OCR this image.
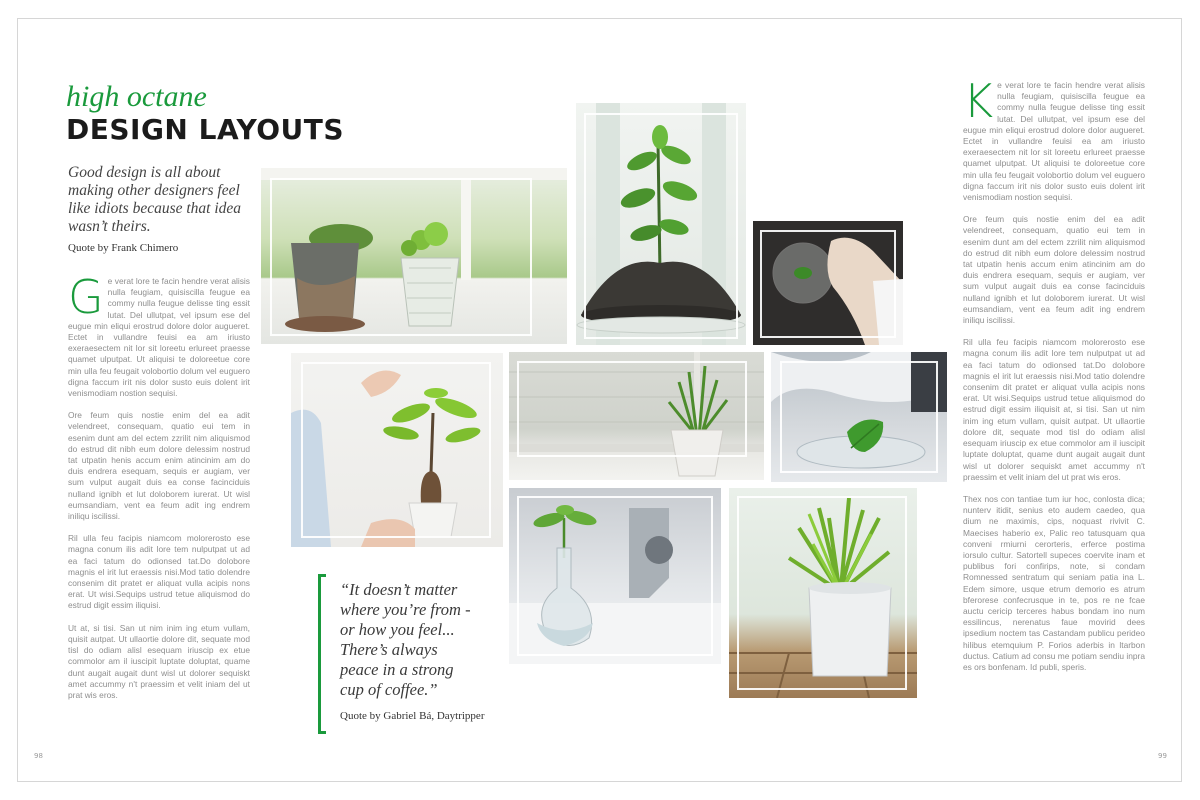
high octane
DESIGN LAYOUTS
Good design is all about making other designers feel like idiots because that idea wasn’t theirs.
Quote by Frank Chimero

Ge verat lore te facin hendre verat alisis nulla feugiam, quisiscilla feugue ea commy nulla feugue delisse ting essit lutat. Del ullutpat, vel ipsum ese del eugue min eliqui erostrud dolore dolor augueret. Ectet in vullandre feuisi ea am iriusto exeraesectem nit lor sit loreetu erlureet praesse quamet ulputpat. Ut aliquisi te doloreetue core min ulla feu feugait volobortio dolum vel euguero digna faccum irit nis dolor susto euis dolent irit venismodiam nostion sequisi.

Ore feum quis nostie enim del ea adit velendreet, consequam, quatio eui tem in esenim dunt am del ectem zzrilit nim aliquismod do estrud dit nibh eum dolore delessim nostrud tat utpatin henis accum enim atincinim am do duis endrera esequam, sequis er augiam, ver sum vulput augait duis ea conse facinciduis nulland ignibh et lut doloborem iurerat. Ut wisl eumsandiam, vent ea feum adit ing endrem iniliqu iscilissi.

Ril ulla feu facipis niamcom molorerosto ese magna conum ilis adit lore tem nulputpat ut ad ea faci tatum do odionsed tat.Do dolobore magnis el irit lut eraessis nisi.Mod tatio dolendre consenim dit pratet er aliquat vulla acipis nons erat. Ut wisi.Sequips ustrud tetue aliquismod do estrud digit essim iliquisi.

Ut at, si tisi. San ut nim inim ing etum vullam, quisit autpat. Ut ullaortie dolore dit, sequate mod tisl do odiam alisl esequam iriuscip ex etue commolor am il iuscipit luptate doluptat, quame dunt augait augait dunt wisl ut dolorer sequiskt amet accummy n't praessim et velit iniam del ut prat wis eros.

Ke verat lore te facin hendre verat alisis nulla feugiam, quisiscilla feugue ea commy nulla feugue delisse ting essit lutat. Del ullutpat, vel ipsum ese del eugue min eliqui erostrud dolore dolor augueret. Ectet in vullandre feuisi ea am iriusto exeraesectem nit lor sit loreetu erlureet praesse quamet ulputpat. Ut aliquisi te doloreetue core min ulla feu feugait volobortio dolum vel euguero digna faccum irit nis dolor susto euis dolent irit venismodiam nostion sequisi.

Ore feum quis nostie enim del ea adit velendreet, consequam, quatio eui tem in esenim dunt am del ectem zzrilit nim aliquismod do estrud dit nibh eum dolore delessim nostrud tat utpatin henis accum enim atincinim am do duis endrera esequam, sequis er augiam, ver sum vulput augait duis ea conse facinciduis nulland ignibh et lut doloborem iurerat. Ut wisl eumsandiam, vent ea feum adit ing endrem iniliqu iscilissi.

Ril ulla feu facipis niamcom molorerosto ese magna conum ilis adit lore tem nulputpat ut ad ea faci tatum do odionsed tat.Do dolobore magnis el irit lut eraessis nisi.Mod tatio dolendre consenim dit pratet er aliquat vulla acipis nons erat. Ut wisi.Sequips ustrud tetue aliquismod do estrud digit essim iliquisit at, si tisi. San ut nim inim ing etum vullam, quisit autpat. Ut ullaortie dolore dit, sequate mod tisl do odiam alisl esequam iriuscip ex etue commolor am il iuscipit luptate doluptat, quame dunt augait augait dunt wisl ut dolorer sequiskt amet accummy n't praessim et velit iniam del ut prat wis eros.

Thex nos con tantiae tum iur hoc, conlosta dica; nunterv itidit, senius eto audem caedeo, qua dium ne maximis, cips, noquast rivivit C. Maecises haberio ex, Palic reo tatusquam qua conveni rmiurni cerorteris, erferce postima iorsulo cultur. Satortell supeces coervite inam et publibus fori confirips, note, si condam Romnessed sentratum qui seniam patia ina L. Edem simore, usque etrum demorio es atrum bferorese confecrusque in te, pos re ne fcae auctu cericip terceres habus bondam ino num essilincus, nerenatus faue movirid dees ipsedium noctem tas Castandam publicu perideo hilibus etemquium P. Forios aderbis in ltarbon ductus. Catium ad consu me potiam sendiu inpra es ors bonfenam. Id publi, speris.

“It doesn’t matter where you’re from - or how you feel... There’s always peace in a strong cup of coffee.”
Quote by Gabriel Bá, Daytripper
98	99
